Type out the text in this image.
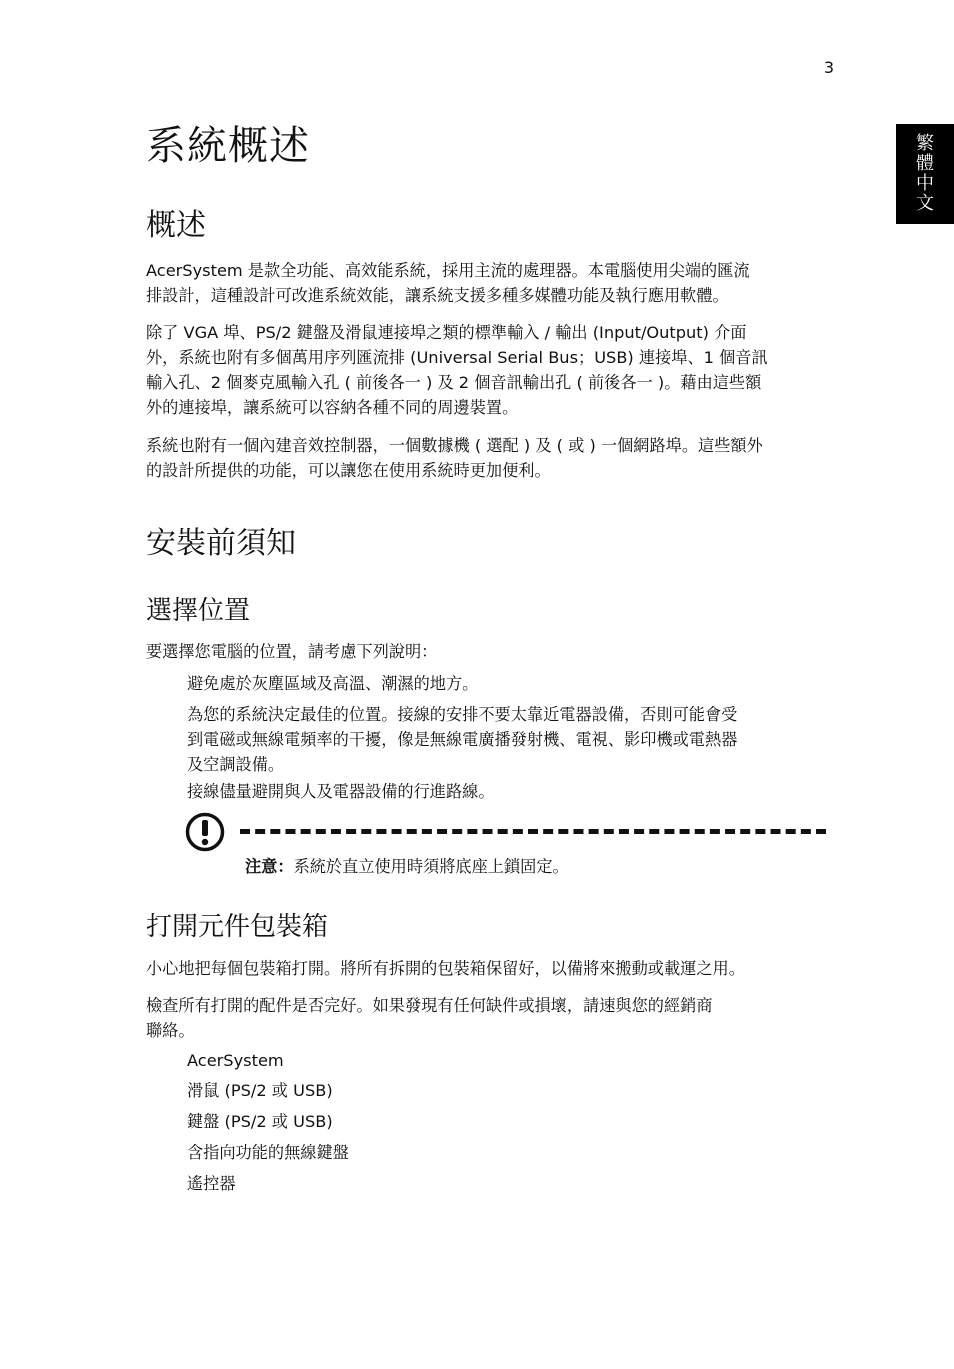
3
繁
體
中
文
系統概述
概述
AcerSystem 是款全功能、高效能系統，採用主流的處理器。本電腦使用尖端的匯流
排設計，這種設計可改進系統效能，讓系統支援多種多媒體功能及執行應用軟體。
除了 VGA 埠、PS/2 鍵盤及滑鼠連接埠之類的標準輸入 / 輸出 (Input/Output) 介面
外，系統也附有多個萬用序列匯流排 (Universal Serial Bus；USB) 連接埠、1 個音訊
輸入孔、2 個麥克風輸入孔 ( 前後各一 ) 及 2 個音訊輸出孔 ( 前後各一 )。藉由這些額
外的連接埠，讓系統可以容納各種不同的周邊裝置。
系統也附有一個內建音效控制器，一個數據機 ( 選配 ) 及 ( 或 ) 一個網路埠。這些額外
的設計所提供的功能，可以讓您在使用系統時更加便利。
安裝前須知
選擇位置
要選擇您電腦的位置，請考慮下列說明：
避免處於灰塵區域及高溫、潮濕的地方。
為您的系統決定最佳的位置。接線的安排不要太靠近電器設備，否則可能會受
到電磁或無線電頻率的干擾，像是無線電廣播發射機、電視、影印機或電熱器
及空調設備。
接線儘量避開與人及電器設備的行進路線。
注意：系統於直立使用時須將底座上鎖固定。
打開元件包裝箱
小心地把每個包裝箱打開。將所有拆開的包裝箱保留好，以備將來搬動或載運之用。
檢查所有打開的配件是否完好。如果發現有任何缺件或損壞，請速與您的經銷商
聯絡。
AcerSystem
滑鼠 (PS/2 或 USB)
鍵盤 (PS/2 或 USB)
含指向功能的無線鍵盤
遙控器
